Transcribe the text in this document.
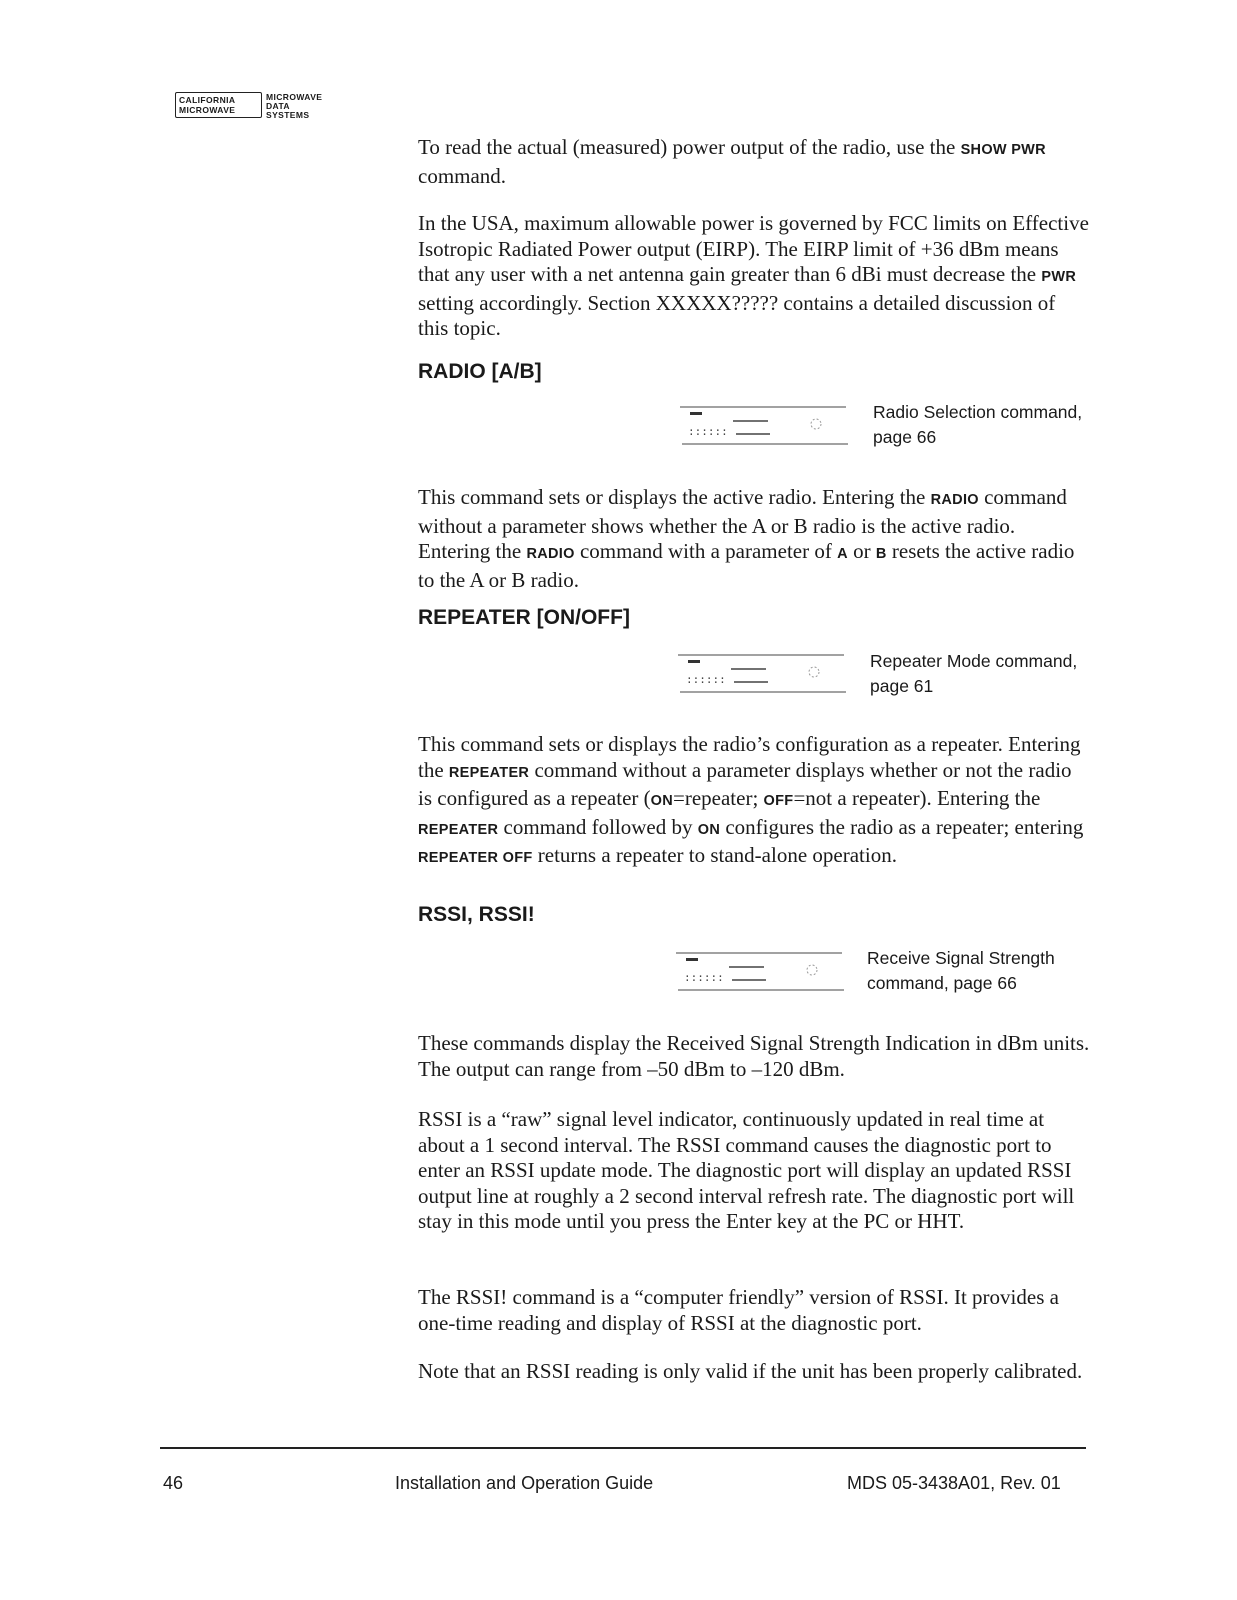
CALIFORNIA
MICROWAVE
MICROWAVE
DATA
SYSTEMS

To read the actual (measured) power output of the radio, use the SHOW PWR command.

In the USA, maximum allowable power is governed by FCC limits on Effective Isotropic Radiated Power output (EIRP). The EIRP limit of +36 dBm means that any user with a net antenna gain greater than 6 dBi must decrease the PWR setting accordingly. Section XXXXX????? contains a detailed discussion of this topic.

RADIO [A/B]
::::::

Radio Selection command, page 66

This command sets or displays the active radio. Entering the RADIO command without a parameter shows whether the A or B radio is the active radio. Entering the RADIO command with a parameter of A or B resets the active radio to the A or B radio.

REPEATER [ON/OFF]
::::::

Repeater Mode command, page 61

This command sets or displays the radio’s configuration as a repeater. Entering the REPEATER command without a parameter displays whether or not the radio is configured as a repeater (ON=repeater; OFF=not a repeater). Entering the REPEATER command followed by ON configures the radio as a repeater; entering REPEATER OFF returns a repeater to stand-alone operation.

RSSI, RSSI!
::::::

Receive Signal Strength command, page 66

These commands display the Received Signal Strength Indication in dBm units. The output can range from –50 dBm to –120 dBm.

RSSI is a “raw” signal level indicator, continuously updated in real time at about a 1 second interval. The RSSI command causes the diagnostic port to enter an RSSI update mode. The diagnostic port will display an updated RSSI output line at roughly a 2 second interval refresh rate. The diagnostic port will stay in this mode until you press the Enter key at the PC or HHT.

The RSSI! command is a “computer friendly” version of RSSI. It provides a one-time reading and display of RSSI at the diagnostic port.

Note that an RSSI reading is only valid if the unit has been properly calibrated.

46	Installation and Operation Guide	MDS 05-3438A01, Rev. 01
